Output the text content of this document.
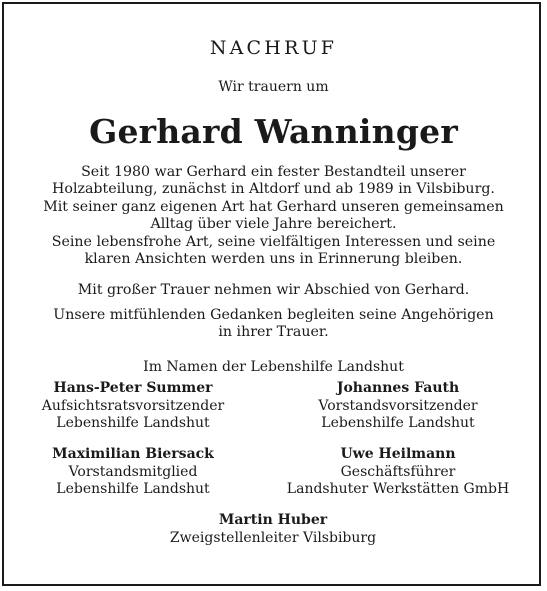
NACHRUF
Wir trauern um
Gerhard Wanninger
Seit 1980 war Gerhard ein fester Bestandteil unserer
Holzabteilung, zunächst in Altdorf und ab 1989 in Vilsbiburg.
Mit seiner ganz eigenen Art hat Gerhard unseren gemeinsamen
Alltag über viele Jahre bereichert.
Seine lebensfrohe Art, seine vielfältigen Interessen und seine
klaren Ansichten werden uns in Erinnerung bleiben.
Mit großer Trauer nehmen wir Abschied von Gerhard.
Unsere mitfühlenden Gedanken begleiten seine Angehörigen
in ihrer Trauer.
Im Namen der Lebenshilfe Landshut
Hans-Peter Summer
Aufsichtsratsvorsitzender
Lebenshilfe Landshut
Johannes Fauth
Vorstandsvorsitzender
Lebenshilfe Landshut
Maximilian Biersack
Vorstandsmitglied
Lebenshilfe Landshut
Uwe Heilmann
Geschäftsführer
Landshuter Werkstätten GmbH
Martin Huber
Zweigstellenleiter Vilsbiburg
